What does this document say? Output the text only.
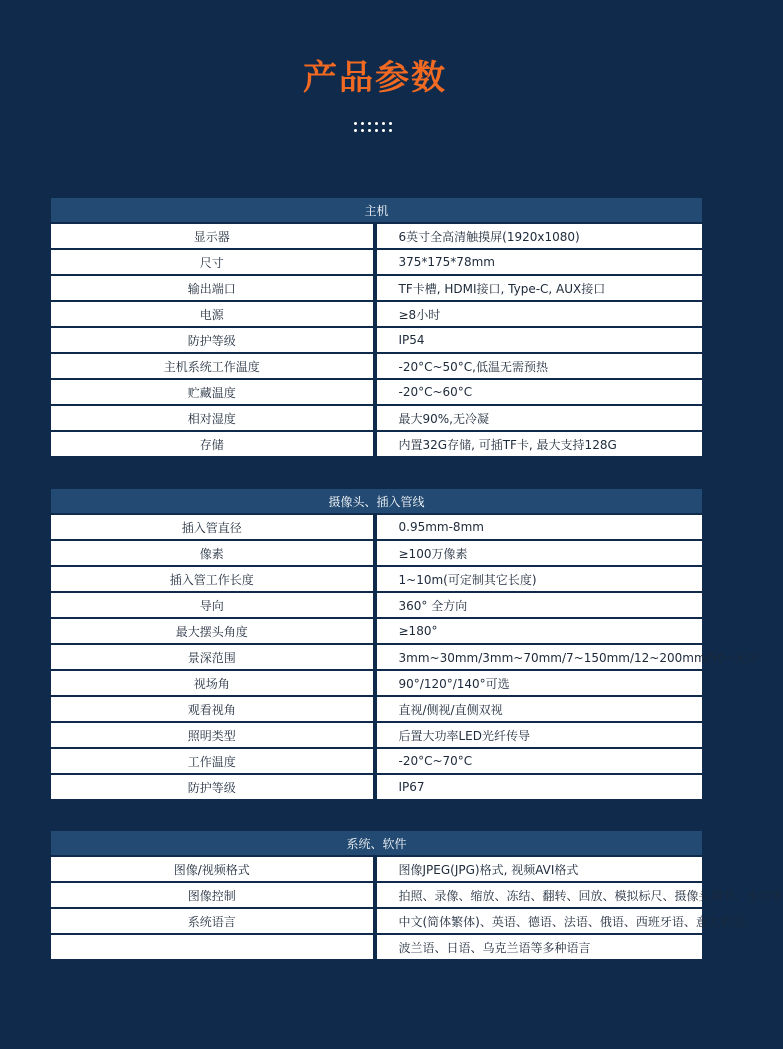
产品参数
主机	
显示器	6英寸全高清触摸屏(1920x1080)
尺寸	375*175*78mm
输出端口	TF卡槽, HDMI接口, Type-C, AUX接口
电源	≥8小时
防护等级	IP54
主机系统工作温度	-20°C~50°C,低温无需预热
贮藏温度	-20°C~60°C
相对湿度	最大90%,无冷凝
存储	内置32G存储, 可插TF卡, 最大支持128G
摄像头、插入管线	
插入管直径	0.95mm-8mm
像素	≥100万像素
插入管工作长度	1~10m(可定制其它长度)
导向	360° 全方向
最大摆头角度	≥180°
景深范围	3mm~30mm/3mm~70mm/7~150mm/12~200mm/50~无穷
视场角	90°/120°/140°可选
观看视角	直视/侧视/直侧双视
照明类型	后置大功率LED光纤传导
工作温度	-20°C~70°C
防护等级	IP67
系统、软件	
图像/视频格式	图像JPEG(JPG)格式, 视频AVI格式
图像控制	拍照、录像、缩放、冻结、翻转、回放、模拟标尺、摄像头调节、水印等
系统语言	中文(简体繁体)、英语、德语、法语、俄语、西班牙语、意大利语、
	波兰语、日语、乌克兰语等多种语言
